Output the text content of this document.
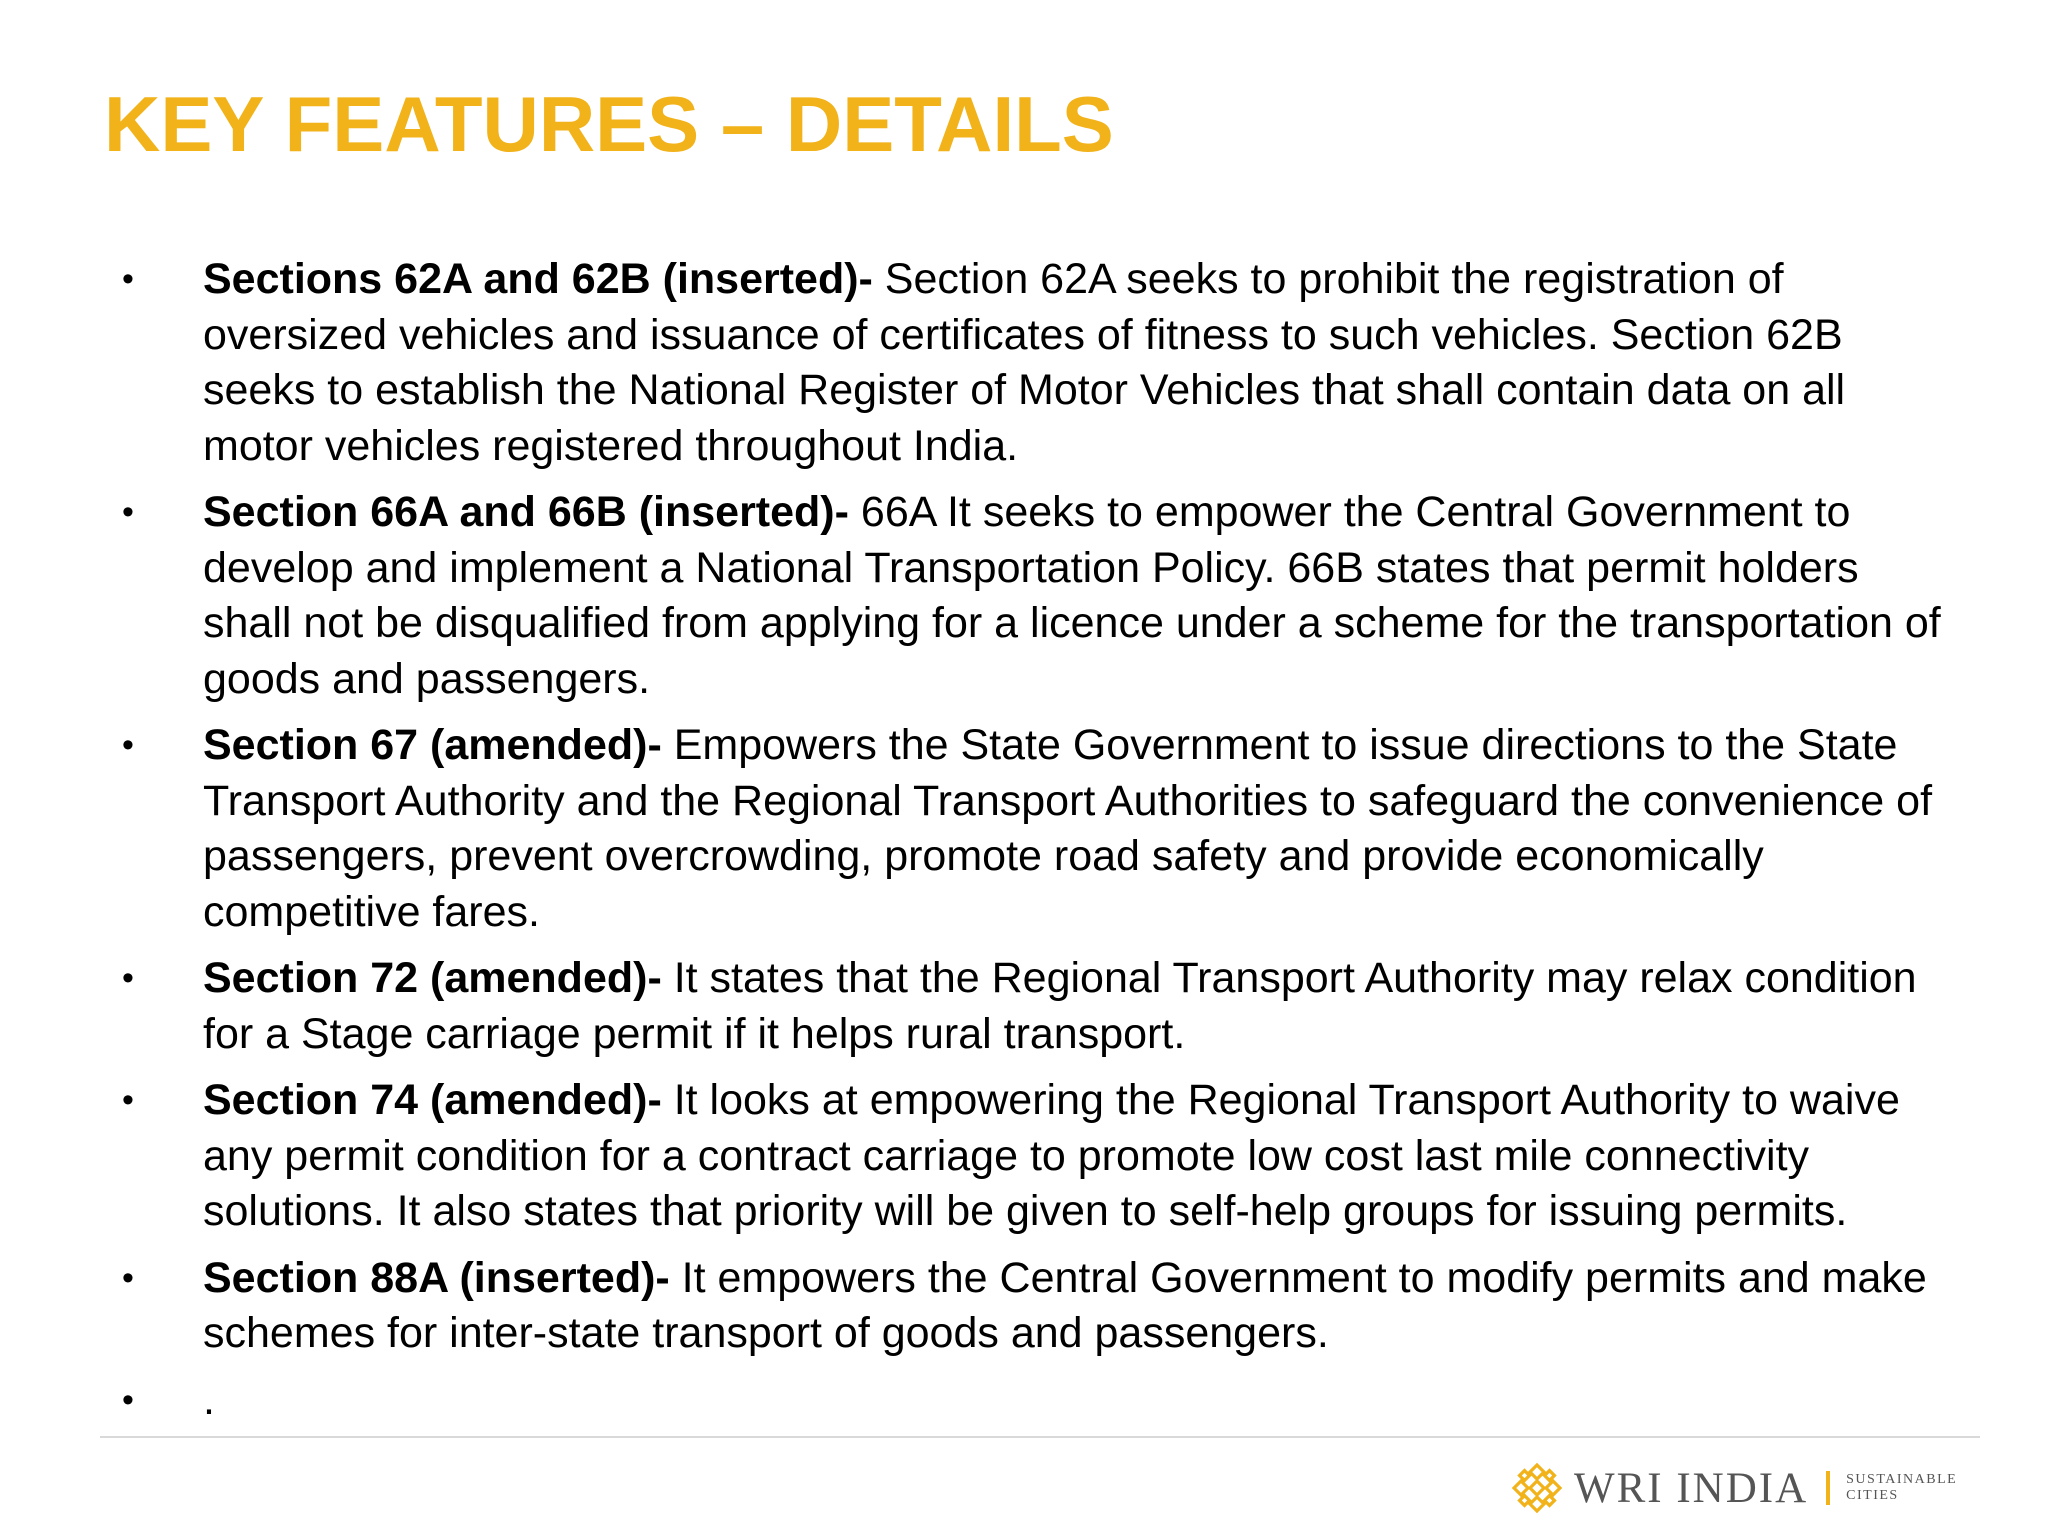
KEY FEATURES – DETAILS
• Sections 62A and 62B (inserted)- Section 62A seeks to prohibit the registration of oversized vehicles and issuance of certificates of fitness to such vehicles. Section 62B seeks to establish the National Register of Motor Vehicles that shall contain data on all motor vehicles registered throughout India.
• Section 66A and 66B (inserted)- 66A It seeks to empower the Central Government to develop and implement a National Transportation Policy. 66B states that permit holders shall not be disqualified from applying for a licence under a scheme for the transportation of goods and passengers.
• Section 67 (amended)- Empowers the State Government to issue directions to the State Transport Authority and the Regional Transport Authorities to safeguard the convenience of passengers, prevent overcrowding, promote road safety and provide economically competitive fares.
• Section 72 (amended)- It states that the Regional Transport Authority may relax condition for a Stage carriage permit if it helps rural transport.
• Section 74 (amended)- It looks at empowering the Regional Transport Authority to waive any permit condition for a contract carriage to promote low cost last mile connectivity solutions. It also states that priority will be given to self-help groups for issuing permits.
• Section 88A (inserted)- It empowers the Central Government to modify permits and make schemes for inter-state transport of goods and passengers.
• .
WRI INDIA	SUSTAINABLE
CITIES
